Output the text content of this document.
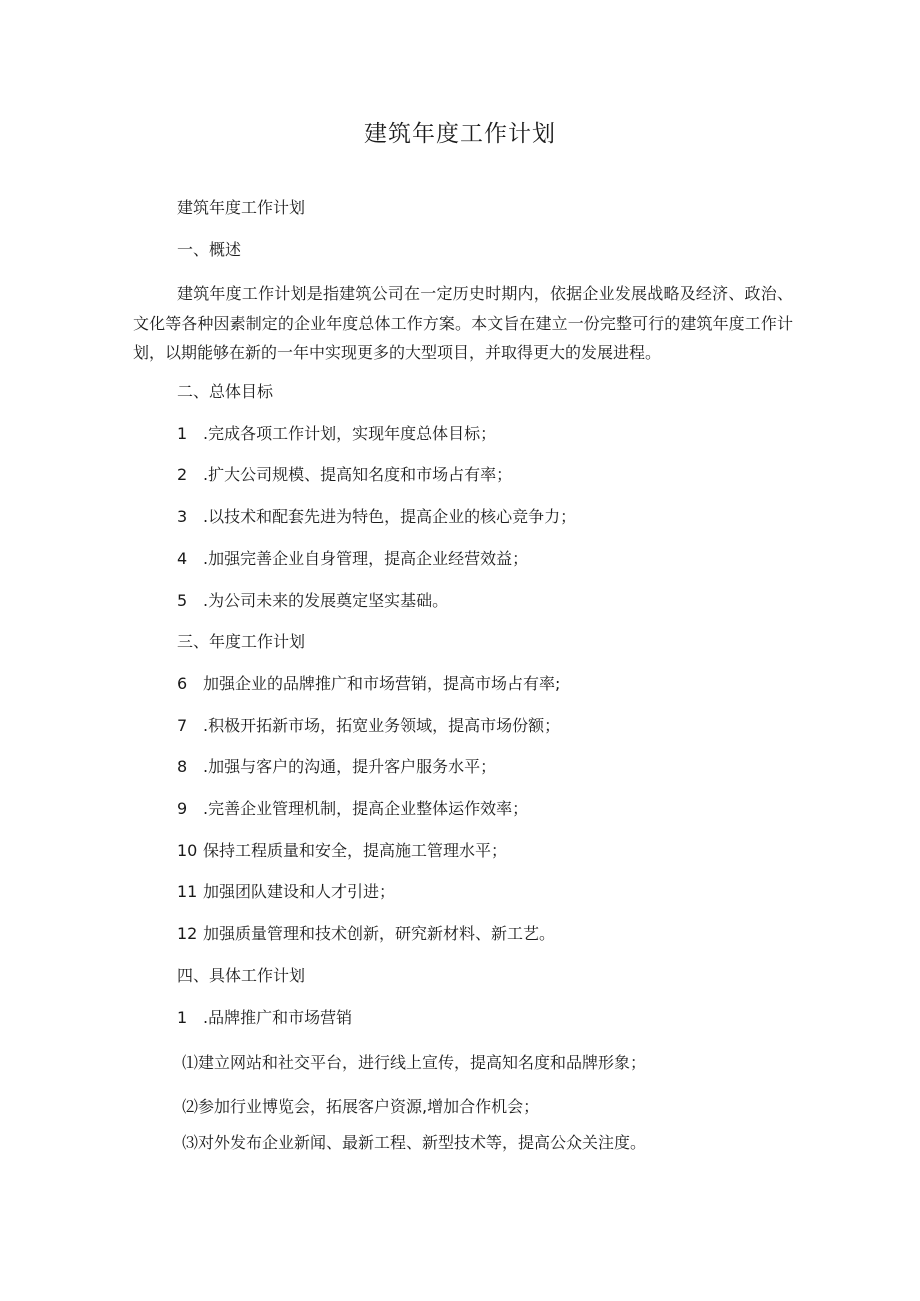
建筑年度工作计划

建筑年度工作计划

一、概述

建筑年度工作计划是指建筑公司在一定历史时期内，依据企业发展战略及经济、政治、文化等各种因素制定的企业年度总体工作方案。本文旨在建立一份完整可行的建筑年度工作计划，以期能够在新的一年中实现更多的大型项目，并取得更大的发展进程。

二、总体目标

1 .完成各项工作计划，实现年度总体目标；

2 .扩大公司规模、提高知名度和市场占有率；

3 .以技术和配套先进为特色，提高企业的核心竞争力；

4 .加强完善企业自身管理，提高企业经营效益；

5 .为公司未来的发展奠定坚实基础。

三、年度工作计划

6 加强企业的品牌推广和市场营销，提高市场占有率;

7 .积极开拓新市场，拓宽业务领域，提高市场份额；

8 .加强与客户的沟通，提升客户服务水平；

9 .完善企业管理机制，提高企业整体运作效率；

10 保持工程质量和安全，提高施工管理水平；

11 加强团队建设和人才引进；

12 加强质量管理和技术创新，研究新材料、新工艺。

四、具体工作计划

1 .品牌推广和市场营销

⑴建立网站和社交平台，进行线上宣传，提高知名度和品牌形象；

⑵参加行业博览会，拓展客户资源,增加合作机会；

⑶对外发布企业新闻、最新工程、新型技术等，提高公众关注度。
